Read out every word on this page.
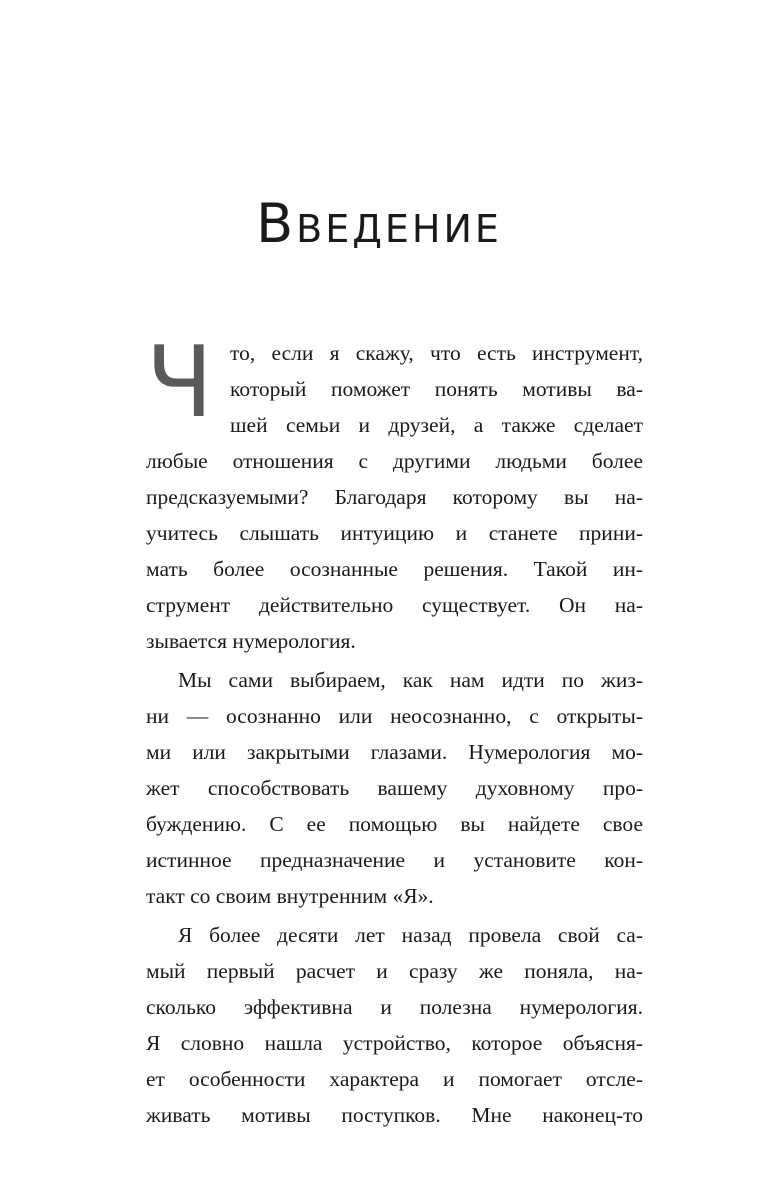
Введение
Ч то, если я скажу, что есть инструмент,
который поможет понять мотивы ва-
шей семьи и друзей, а также сделает
любые отношения с другими людьми более
предсказуемыми? Благодаря которому вы на-
учитесь слышать интуицию и станете прини-
мать более осознанные решения. Такой ин-
струмент действительно существует. Он на-
зывается нумерология.
Мы сами выбираем, как нам идти по жиз-
ни — осознанно или неосознанно, с открыты-
ми или закрытыми глазами. Нумерология мо-
жет способствовать вашему духовному про-
буждению. С ее помощью вы найдете свое
истинное предназначение и установите кон-
такт со своим внутренним «Я».
Я более десяти лет назад провела свой са-
мый первый расчет и сразу же поняла, на-
сколько эффективна и полезна нумерология.
Я словно нашла устройство, которое объясня-
ет особенности характера и помогает отсле-
живать мотивы поступков. Мне наконец-то
